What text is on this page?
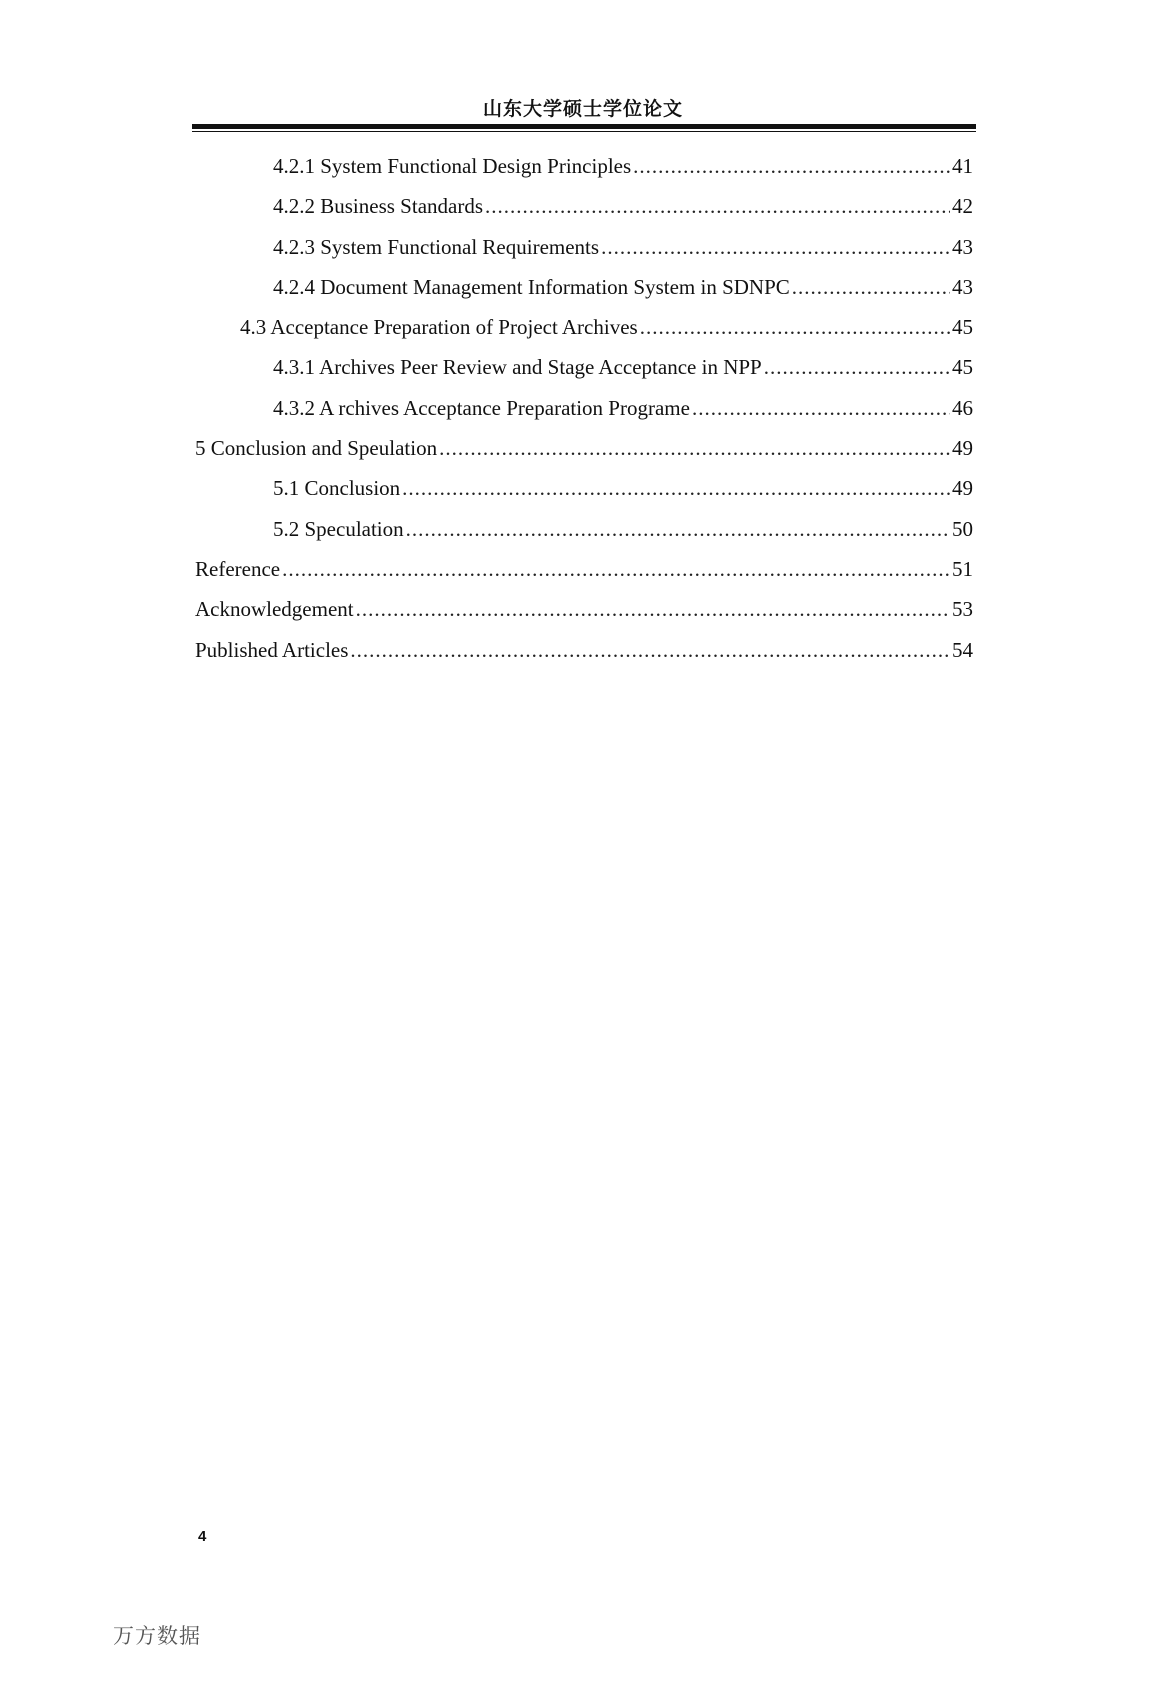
山东大学硕士学位论文
4.2.1 System Functional Design Principles .....	41
4.2.2 Business Standards .....	42
4.2.3 System Functional Requirements .....	43
4.2.4 Document Management Information System in SDNPC .....	43
4.3 Acceptance Preparation of Project Archives .....	45
4.3.1 Archives Peer Review and Stage Acceptance in NPP .....	45
4.3.2 A rchives Acceptance Preparation Programe .....	46
5 Conclusion and Speulation .....	49
5.1 Conclusion .....	49
5.2 Speculation .....	50
Reference .....	51
Acknowledgement .....	53
Published Articles .....	54
4
万方数据
